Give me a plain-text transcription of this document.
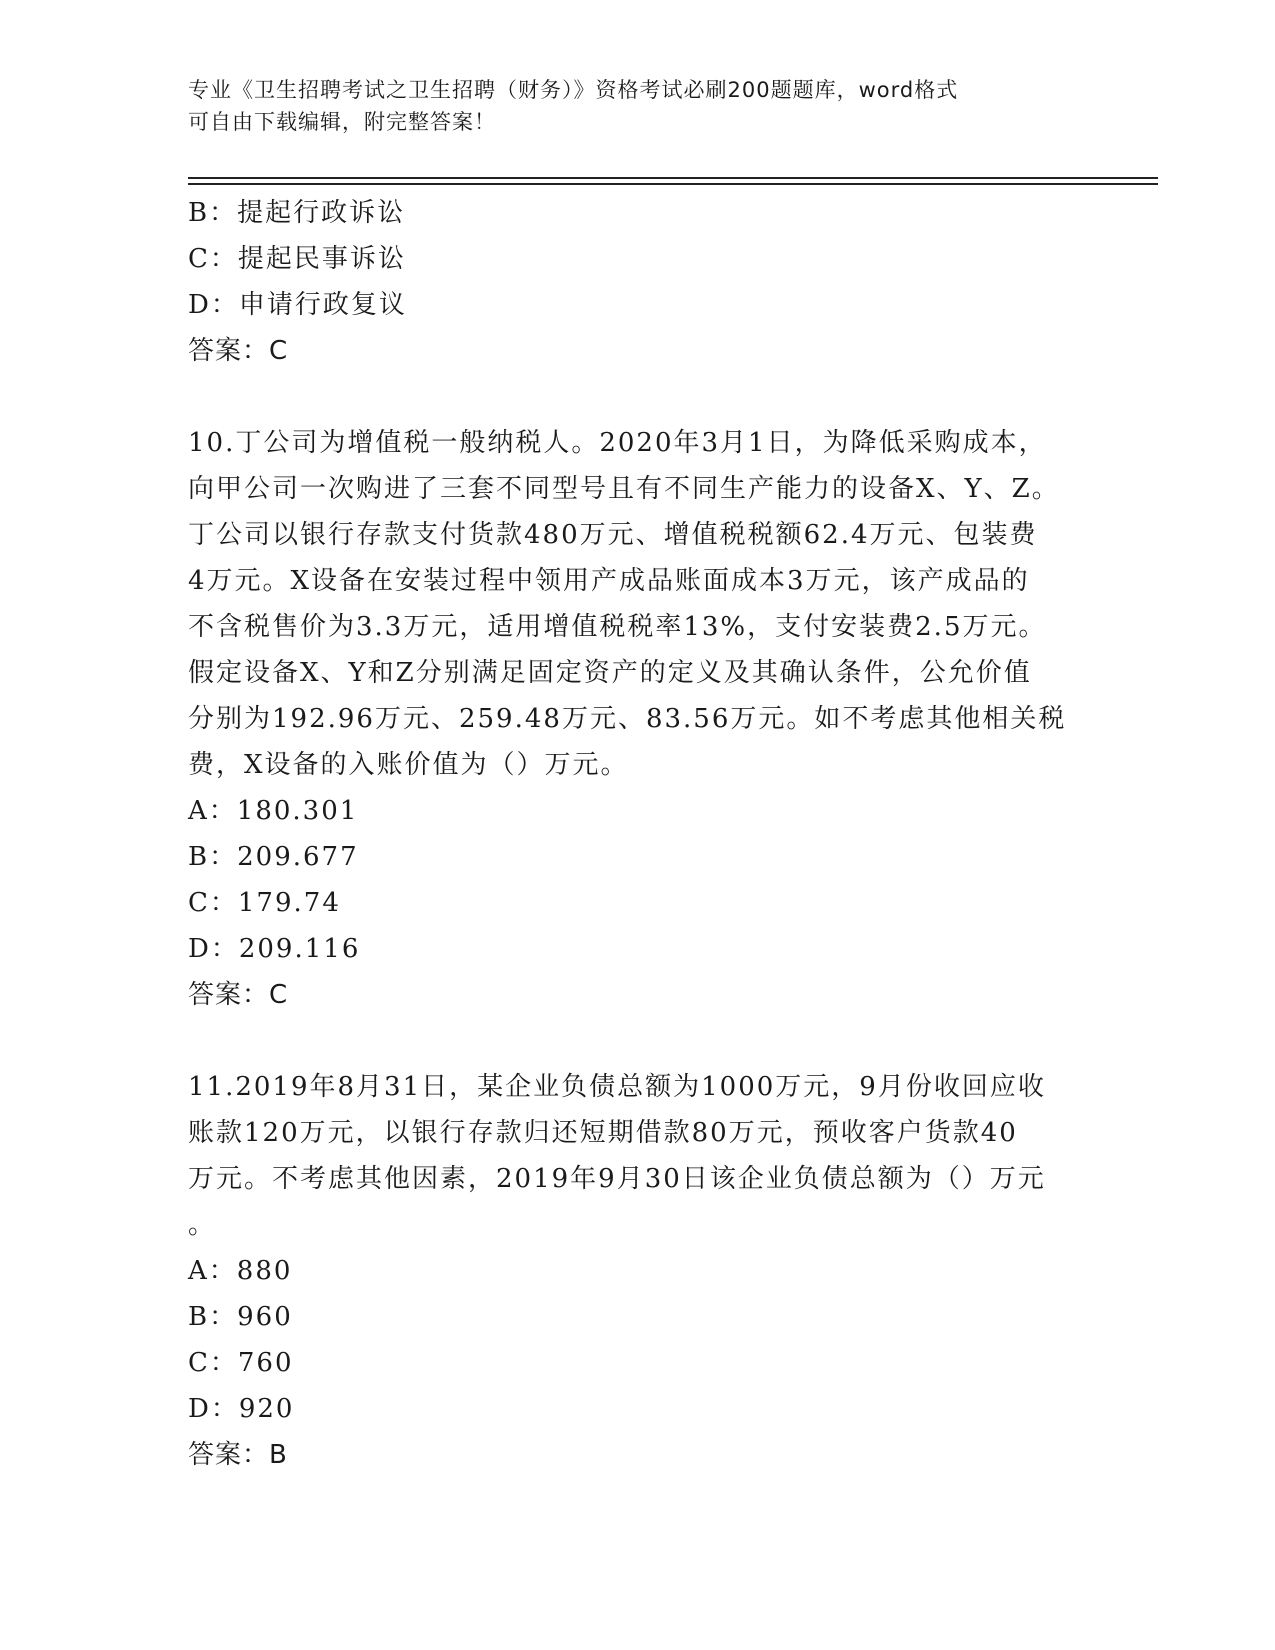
专业《卫生招聘考试之卫生招聘（财务）》资格考试必刷200题题库，word格式
可自由下载编辑，附完整答案！
B：提起行政诉讼
C：提起民事诉讼
D：申请行政复议
答案：C
10.丁公司为增值税一般纳税人。2020年3月1日，为降低采购成本，
向甲公司一次购进了三套不同型号且有不同生产能力的设备X、Y、Z。
丁公司以银行存款支付货款480万元、增值税税额62.4万元、包装费
4万元。X设备在安装过程中领用产成品账面成本3万元，该产成品的
不含税售价为3.3万元，适用增值税税率13%，支付安装费2.5万元。
假定设备X、Y和Z分别满足固定资产的定义及其确认条件，公允价值
分别为192.96万元、259.48万元、83.56万元。如不考虑其他相关税
费，X设备的入账价值为（）万元。
A：180.301
B：209.677
C：179.74
D：209.116
答案：C
11.2019年8月31日，某企业负债总额为1000万元，9月份收回应收
账款120万元，以银行存款归还短期借款80万元，预收客户货款40
万元。不考虑其他因素，2019年9月30日该企业负债总额为（）万元
。
A：880
B：960
C：760
D：920
答案：B
